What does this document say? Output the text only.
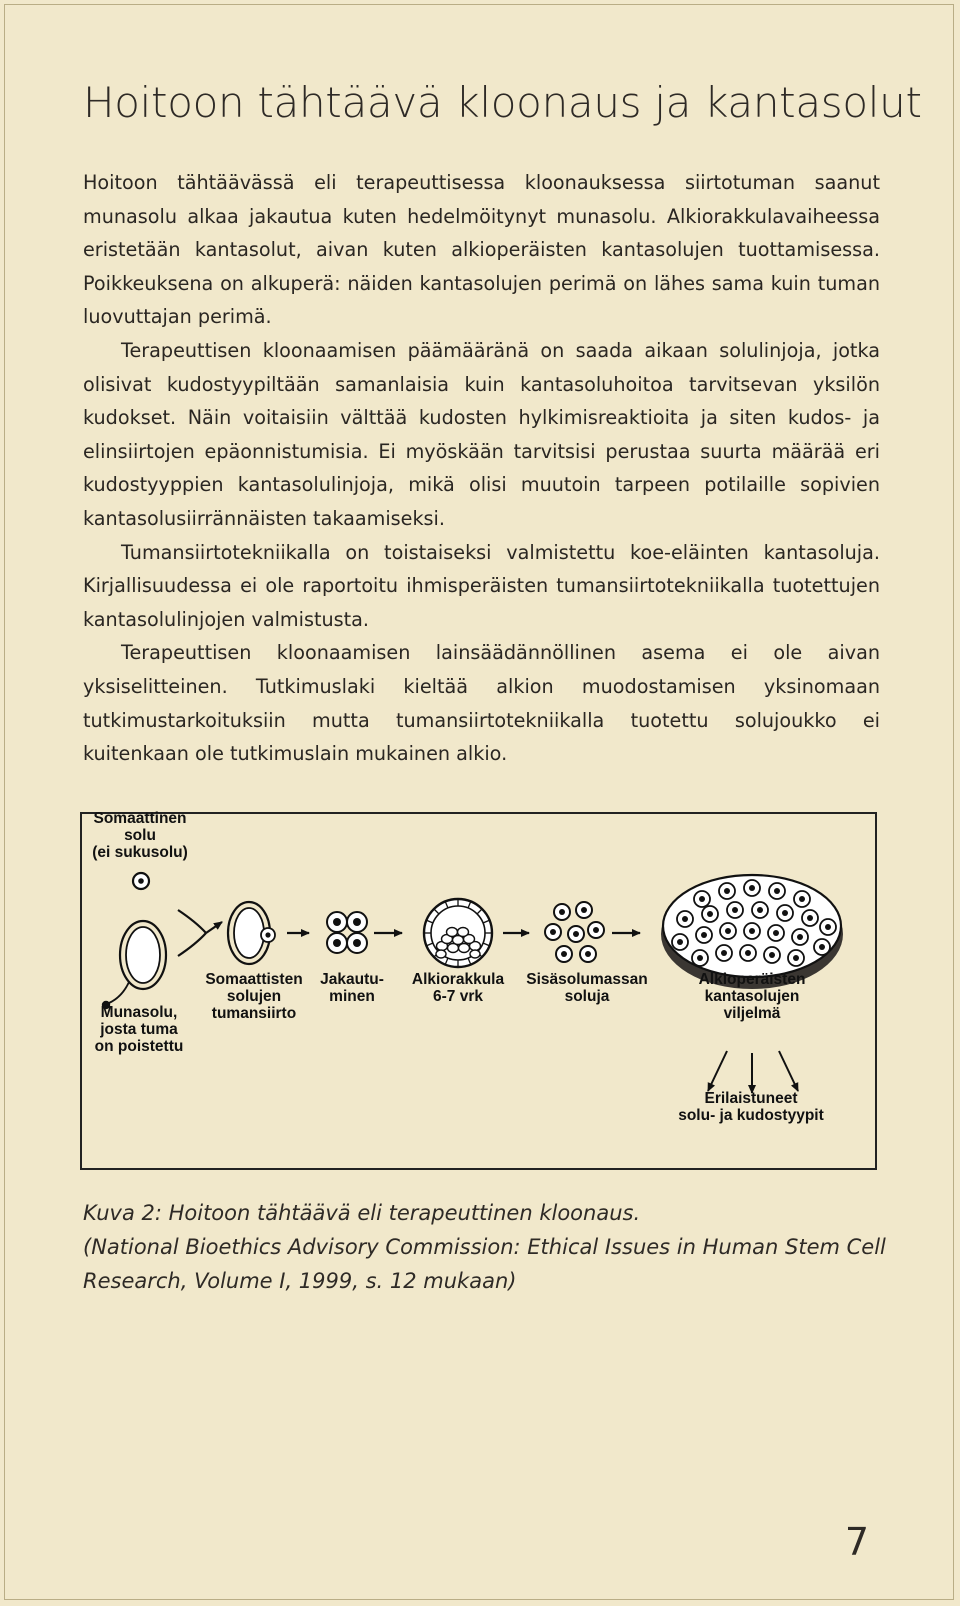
Hoitoon tähtäävä kloonaus ja kantasolut

Hoitoon tähtäävässä eli terapeuttisessa kloonauksessa siirtotuman saanut munasolu alkaa jakautua kuten hedelmöitynyt munasolu. Alkiorakkulavaiheessa eristetään kantasolut, aivan kuten alkioperäisten kantasolujen tuottamisessa. Poikkeuksena on alkuperä: näiden kantasolujen perimä on lähes sama kuin tuman luovuttajan perimä.

Terapeuttisen kloonaamisen päämääränä on saada aikaan solulinjoja, jotka olisivat kudostyypiltään samanlaisia kuin kantasoluhoitoa tarvitsevan yksilön kudokset. Näin voitaisiin välttää kudosten hylkimisreaktioita ja siten kudos- ja elinsiirtojen epäonnistumisia. Ei myöskään tarvitsisi perustaa suurta määrää eri kudostyyppien kantasolulinjoja, mikä olisi muutoin tarpeen potilaille sopivien kantasolusiirrännäisten takaamiseksi.

Tumansiirtotekniikalla on toistaiseksi valmistettu koe-eläinten kantasoluja. Kirjallisuudessa ei ole raportoitu ihmisperäisten tumansiirtotekniikalla tuotettujen kantasolulinjojen valmistusta.

Terapeuttisen kloonaamisen lainsäädännöllinen asema ei ole aivan yksiselitteinen. Tutkimuslaki kieltää alkion muodostamisen yksinomaan tutkimustarkoituksiin mutta tumansiirtotekniikalla tuotettu solujoukko ei kuitenkaan ole tutkimuslain mukainen alkio.

Somaattinen
solu
(ei sukusolu)
Munasolu,
josta tuma
on poistettu
Somaattisten
solujen
tumansiirto
Jakautu-
minen
Alkiorakkula
6-7 vrk
Sisäsolumassan
soluja
Alkioperäisten
kantasolujen
viljelmä
Erilaistuneet
solu- ja kudostyypit
Kuva 2: Hoitoon tähtäävä eli terapeuttinen kloonaus.
(National Bioethics Advisory Commission: Ethical Issues in Human Stem Cell
Research, Volume I, 1999, s. 12 mukaan)
7
